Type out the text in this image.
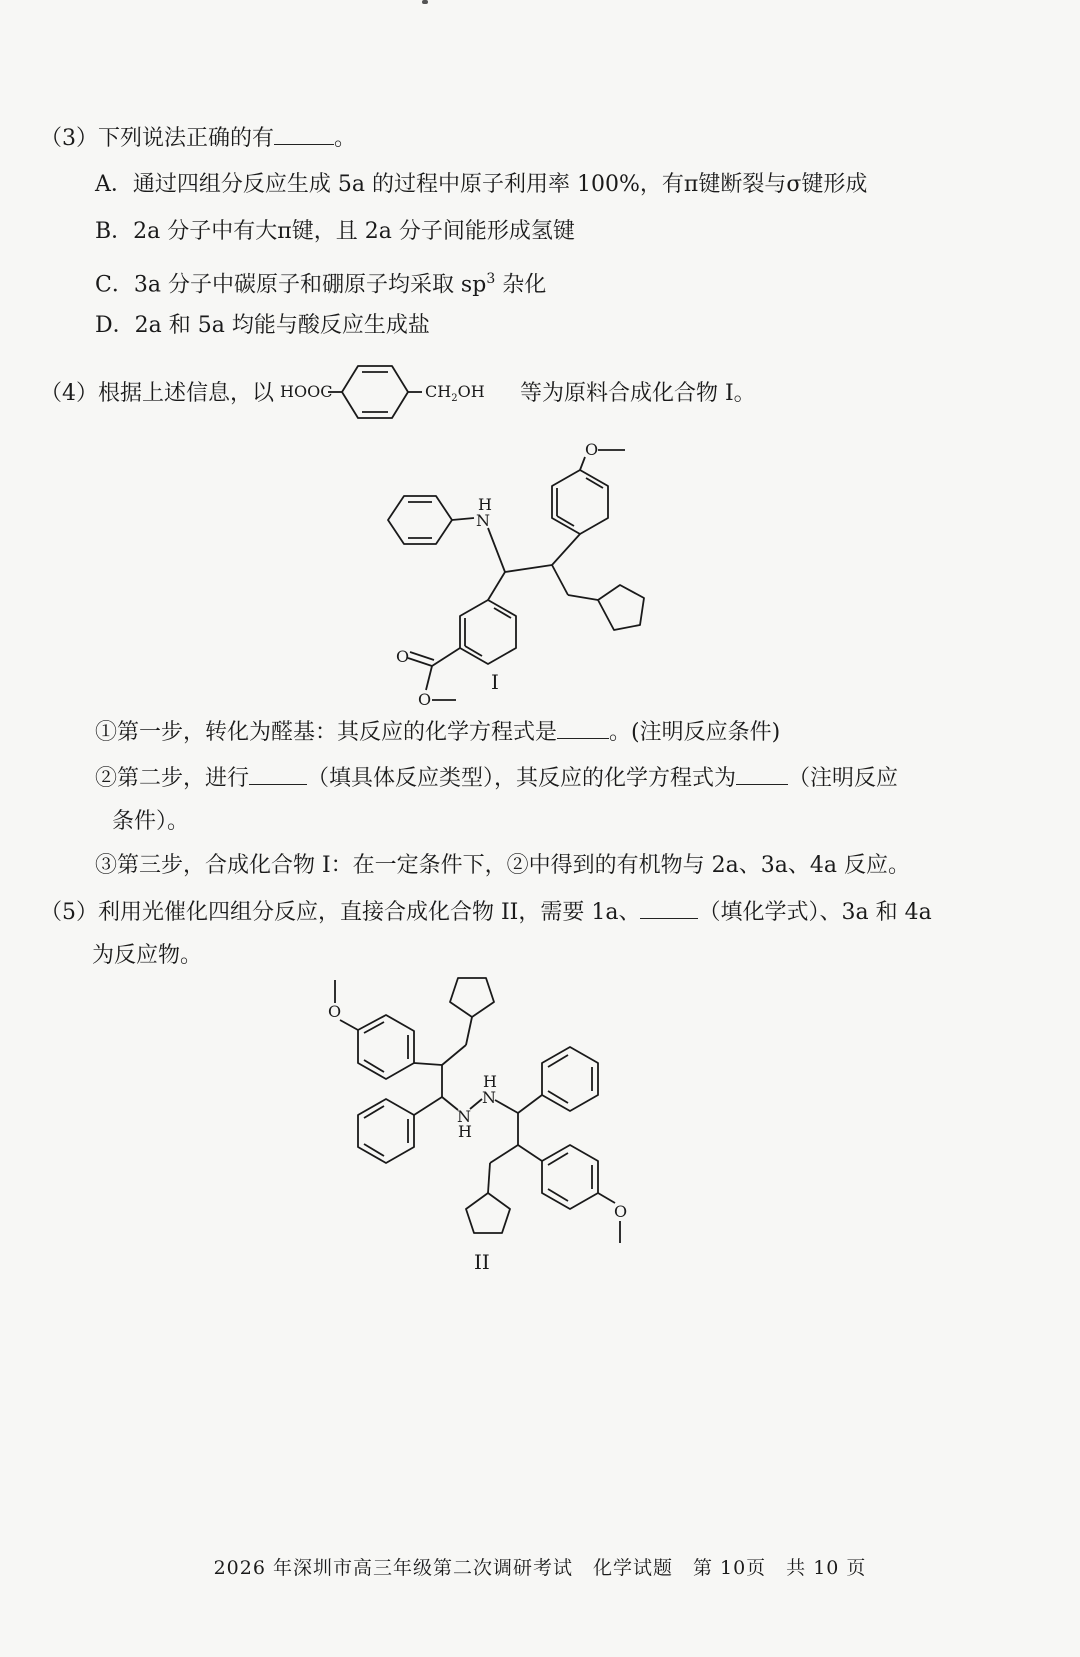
（3）下列说法正确的有	。
A．通过四组分反应生成 5a 的过程中原子利用率 100%，有π键断裂与σ键形成
B．2a 分子中有大π键，且 2a 分子间能形成氢键
C．3a 分子中碳原子和硼原子均采取 $sp^3$ 杂化
D．2a 和 5a 均能与酸反应生成盐
（4）根据上述信息，以 HOOC	$CH_2OH$ 等为原料合成化合物 I。
O
H
N
O
O
I
①第一步，转化为醛基：其反应的化学方程式是 。(注明反应条件)
②第二步，进行	（填具体反应类型），其反应的化学方程式为 （注明反应
条件）。
③第三步，合成化合物 I：在一定条件下，②中得到的有机物与 2a、3a、4a 反应。
（5）利用光催化四组分反应，直接合成化合物 II，需要 1a、	（填化学式）、3a 和 4a
为反应物。
O
N
H
H
N
O
II
2026 年深圳市高三年级第二次调研考试　化学试题　第 10页　共 10 页
